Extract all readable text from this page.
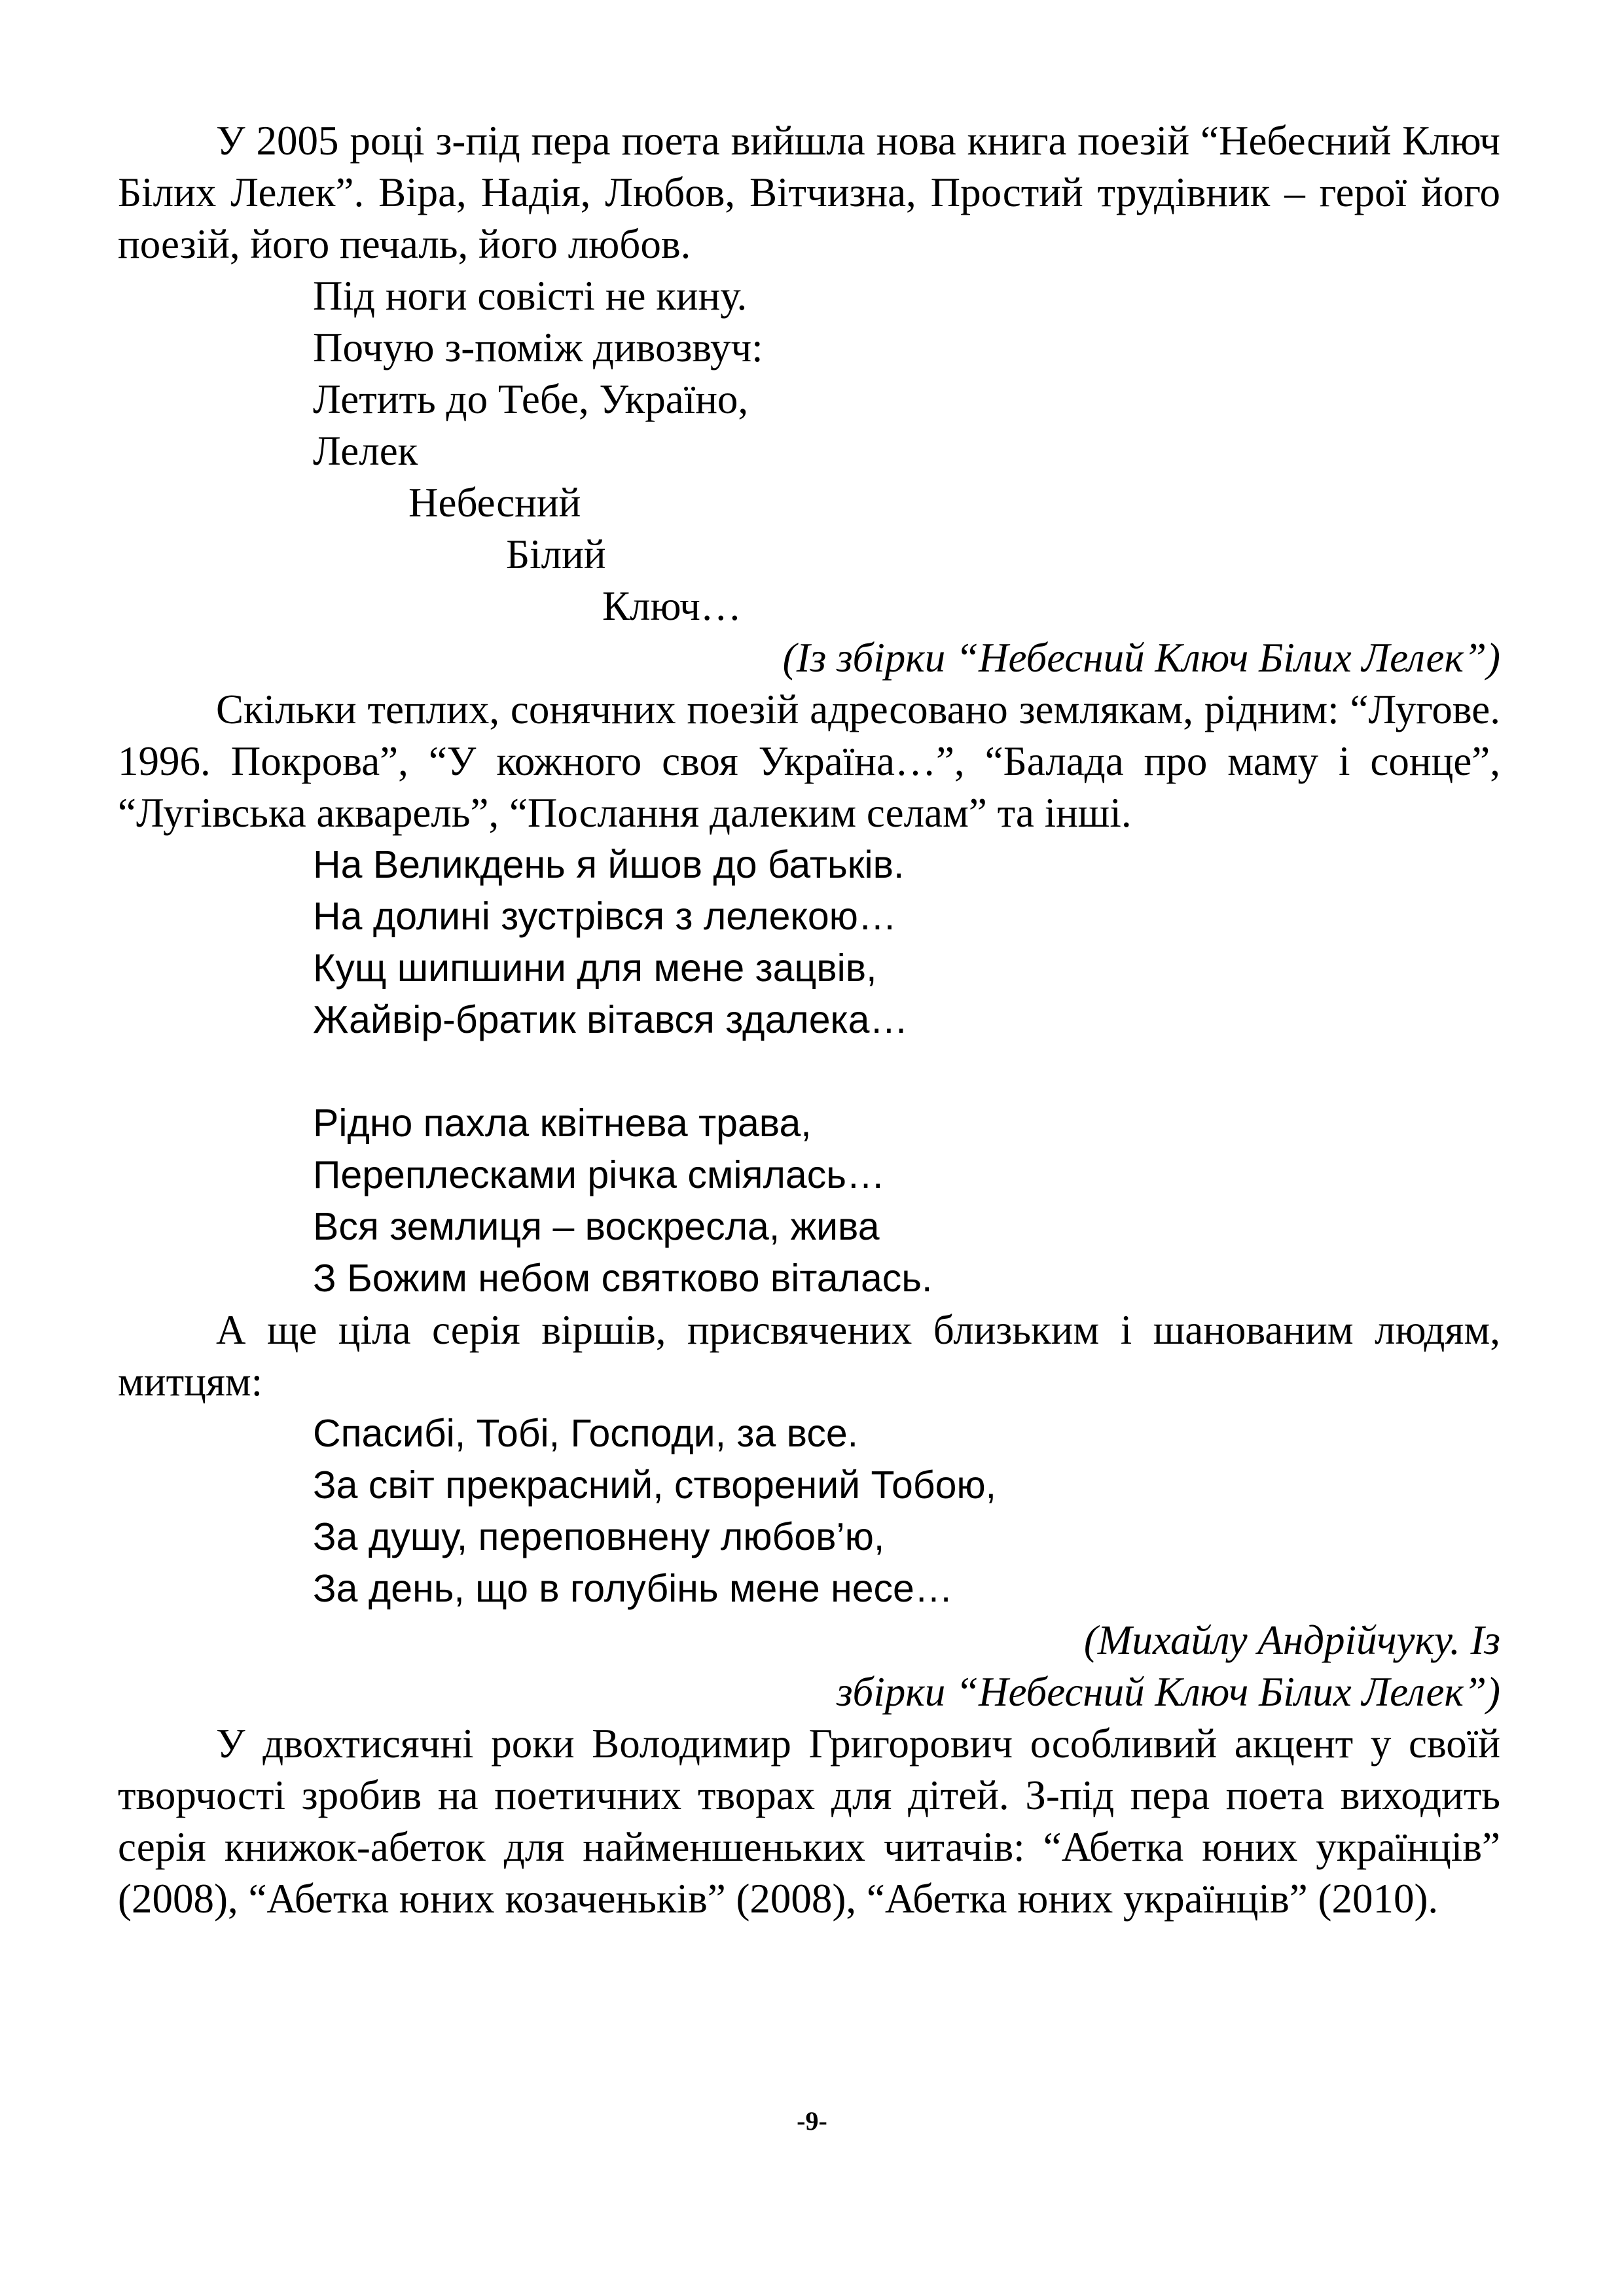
У 2005 році з-під пера поета вийшла нова книга поезій “Небесний Ключ Білих Лелек”. Віра, Надія, Любов, Вітчизна, Простий трудівник – герої його поезій, його печаль, його любов.

Під ноги совісті не кину.
Почую з-поміж дивозвуч:
Летить до Тебе, Україно,
Лелек
Небесний
Білий
Ключ…

(Із збірки “Небесний Ключ Білих Лелек”)

Скільки теплих, сонячних поезій адресовано землякам, рідним: “Лугове. 1996. Покрова”, “У кожного своя Україна…”, “Балада про маму і сонце”, “Лугівська акварель”, “Послання далеким селам” та інші.

На Великдень я йшов до батьків.
На долині зустрівся з лелекою…
Кущ шипшини для мене зацвів,
Жайвір-братик вітався здалека…
Рідно пахла квітнева трава,
Переплесками річка сміялась…
Вся землиця – воскресла, жива
З Божим небом святково віталась.

А ще ціла серія віршів, присвячених близьким і шанованим людям, митцям:

Спасибі, Тобі, Господи, за все.
За світ прекрасний, створений Тобою,
За душу, переповнену любов’ю,
За день, що в голубінь мене несе…

(Михайлу Андрійчуку. Із
збірки “Небесний Ключ Білих Лелек”)

У двохтисячні роки Володимир Григорович особливий акцент у своїй творчості зробив на поетичних творах для дітей. З-під пера поета виходить серія книжок-абеток для найменшеньких читачів: “Абетка юних українців” (2008), “Абетка юних козаченьків” (2008), “Абетка юних українців” (2010).

-9-
